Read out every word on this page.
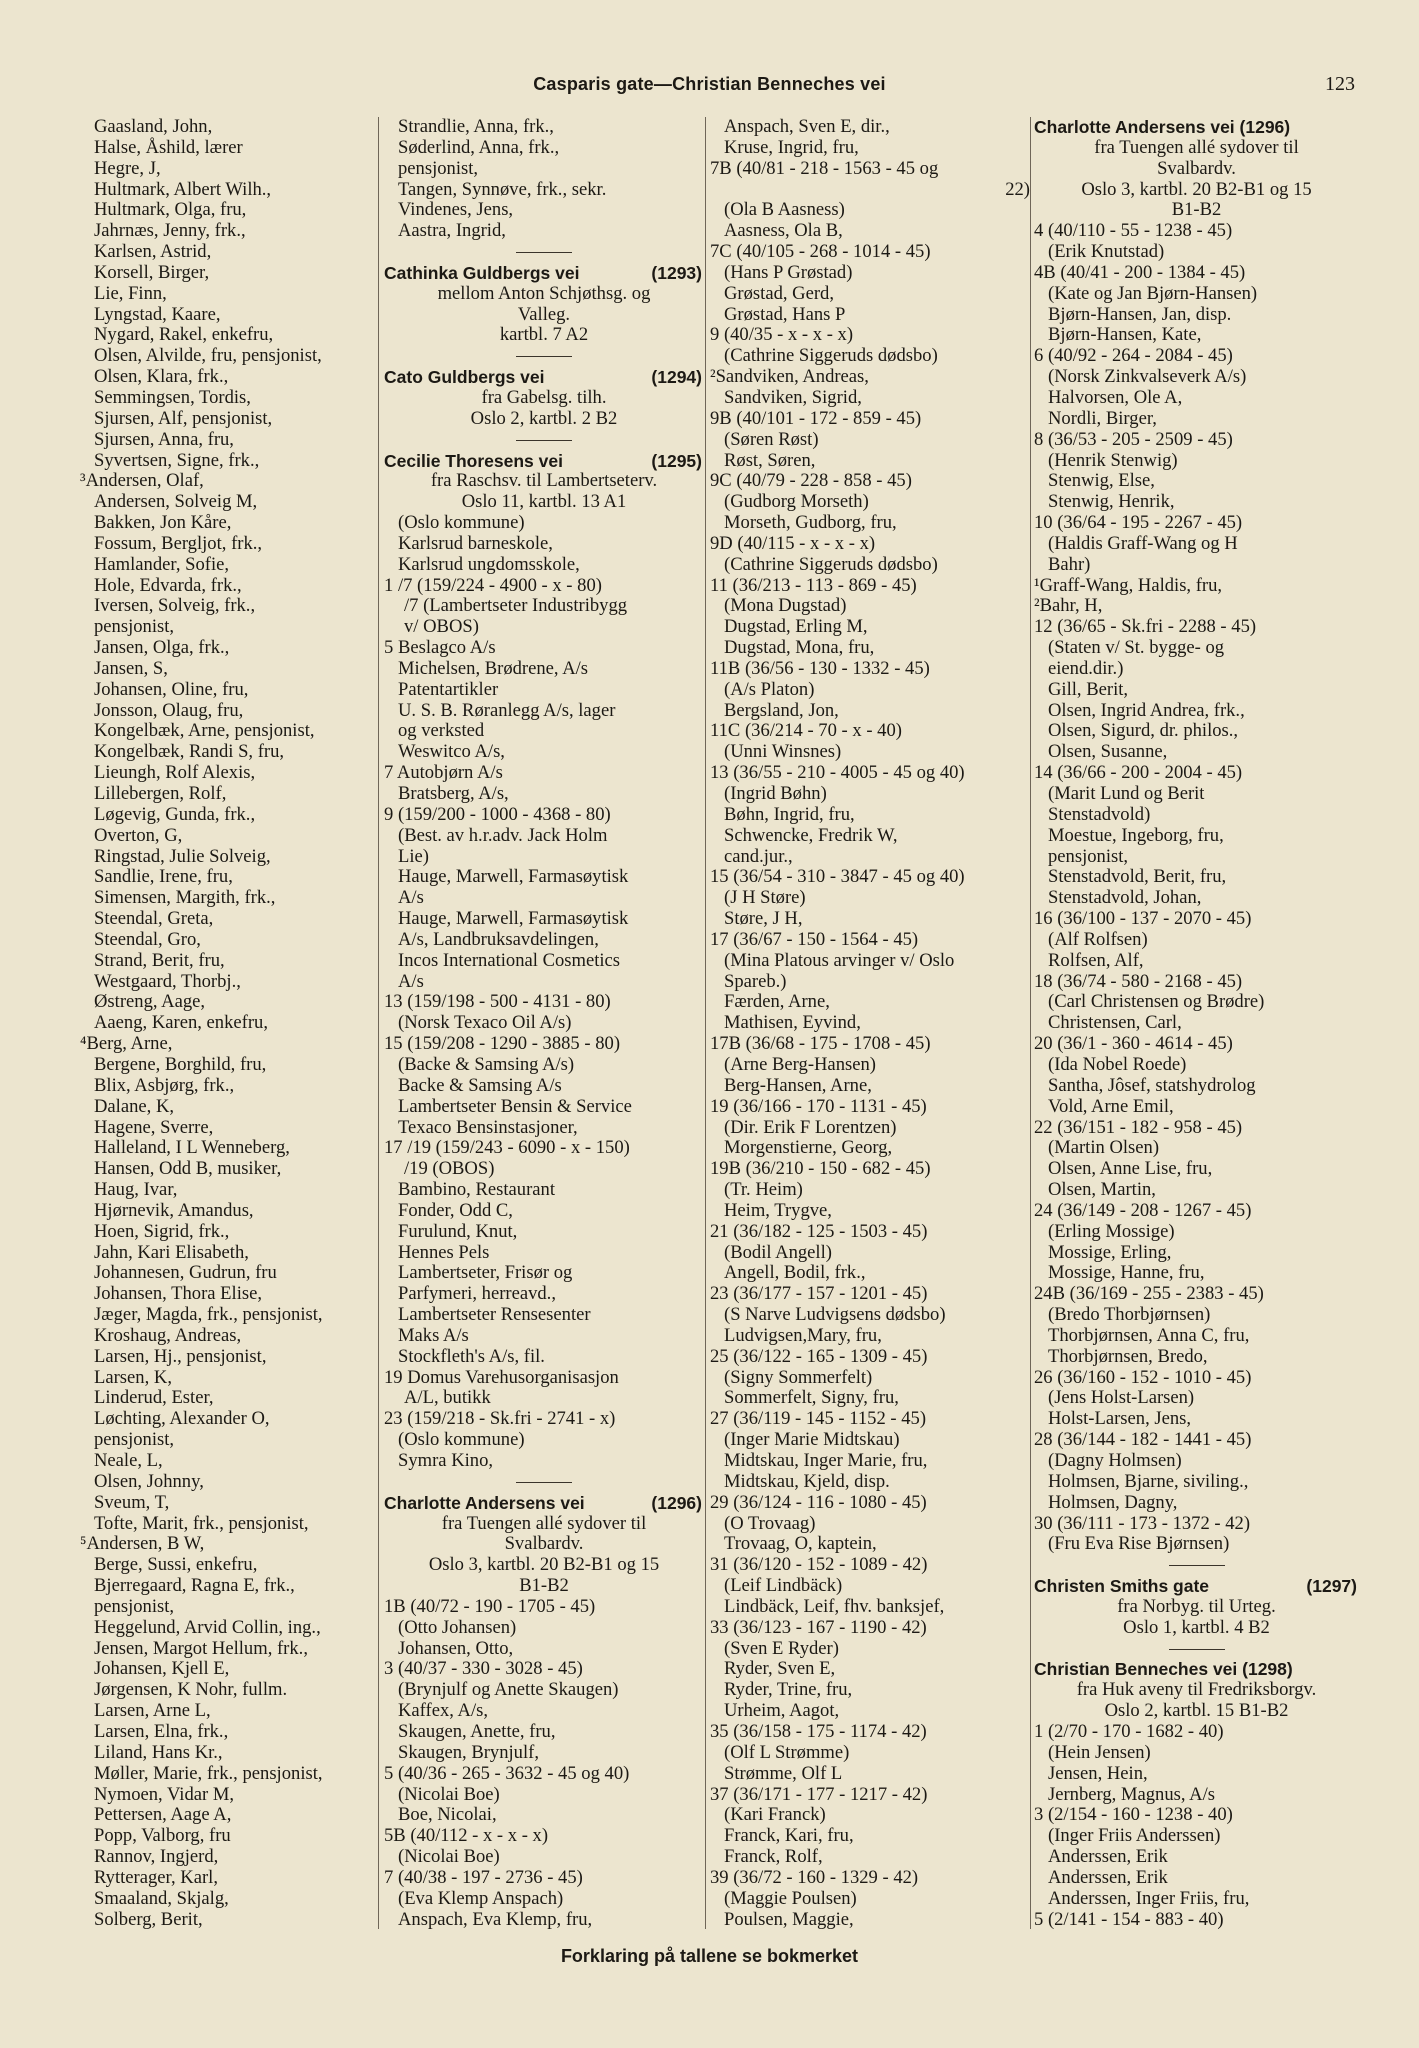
Casparis gate—Christian Benneches vei	123
Gaasland, John,
Halse, Åshild, lærer
Hegre, J,
Hultmark, Albert Wilh.,
Hultmark, Olga, fru,
Jahrnæs, Jenny, frk.,
Karlsen, Astrid,
Korsell, Birger,
Lie, Finn,
Lyngstad, Kaare,
Nygard, Rakel, enkefru,
Olsen, Alvilde, fru, pensjonist,
Olsen, Klara, frk.,
Semmingsen, Tordis,
Sjursen, Alf, pensjonist,
Sjursen, Anna, fru,
Syvertsen, Signe, frk.,
³Andersen, Olaf,
Andersen, Solveig M,
Bakken, Jon Kåre,
Fossum, Bergljot, frk.,
Hamlander, Sofie,
Hole, Edvarda, frk.,
Iversen, Solveig, frk.,
pensjonist,
Jansen, Olga, frk.,
Jansen, S,
Johansen, Oline, fru,
Jonsson, Olaug, fru,
Kongelbæk, Arne, pensjonist,
Kongelbæk, Randi S, fru,
Lieungh, Rolf Alexis,
Lillebergen, Rolf,
Løgevig, Gunda, frk.,
Overton, G,
Ringstad, Julie Solveig,
Sandlie, Irene, fru,
Simensen, Margith, frk.,
Steendal, Greta,
Steendal, Gro,
Strand, Berit, fru,
Westgaard, Thorbj.,
Østreng, Aage,
Aaeng, Karen, enkefru,
⁴Berg, Arne,
Bergene, Borghild, fru,
Blix, Asbjørg, frk.,
Dalane, K,
Hagene, Sverre,
Halleland, I L Wenneberg,
Hansen, Odd B, musiker,
Haug, Ivar,
Hjørnevik, Amandus,
Hoen, Sigrid, frk.,
Jahn, Kari Elisabeth,
Johannesen, Gudrun, fru
Johansen, Thora Elise,
Jæger, Magda, frk., pensjonist,
Kroshaug, Andreas,
Larsen, Hj., pensjonist,
Larsen, K,
Linderud, Ester,
Løchting, Alexander O,
pensjonist,
Neale, L,
Olsen, Johnny,
Sveum, T,
Tofte, Marit, frk., pensjonist,
⁵Andersen, B W,
Berge, Sussi, enkefru,
Bjerregaard, Ragna E, frk.,
pensjonist,
Heggelund, Arvid Collin, ing.,
Jensen, Margot Hellum, frk.,
Johansen, Kjell E,
Jørgensen, K Nohr, fullm.
Larsen, Arne L,
Larsen, Elna, frk.,
Liland, Hans Kr.,
Møller, Marie, frk., pensjonist,
Nymoen, Vidar M,
Pettersen, Aage A,
Popp, Valborg, fru
Rannov, Ingjerd,
Rytterager, Karl,
Smaaland, Skjalg,
Solberg, Berit,
Strandlie, Anna, frk.,
Søderlind, Anna, frk.,
pensjonist,
Tangen, Synnøve, frk., sekr.
Vindenes, Jens,
Aastra, Ingrid,
Cathinka Guldbergs vei	(1293)
mellom Anton Schjøthsg. og
Valleg.
kartbl. 7 A2
Cato Guldbergs vei	(1294)
fra Gabelsg. tilh.
Oslo 2, kartbl. 2 B2
Cecilie Thoresens vei	(1295)
fra Raschsv. til Lambertseterv.
Oslo 11, kartbl. 13 A1
(Oslo kommune)
Karlsrud barneskole,
Karlsrud ungdomsskole,
1 /7 (159/224 - 4900 - x - 80)
/7 (Lambertseter Industribygg
v/ OBOS)
5 Beslagco A/s
Michelsen, Brødrene, A/s
Patentartikler
U. S. B. Røranlegg A/s, lager
og verksted
Weswitco A/s,
7 Autobjørn A/s
Bratsberg, A/s,
9 (159/200 - 1000 - 4368 - 80)
(Best. av h.r.adv. Jack Holm
Lie)
Hauge, Marwell, Farmasøytisk
A/s
Hauge, Marwell, Farmasøytisk
A/s, Landbruksavdelingen,
Incos International Cosmetics
A/s
13 (159/198 - 500 - 4131 - 80)
(Norsk Texaco Oil A/s)
15 (159/208 - 1290 - 3885 - 80)
(Backe & Samsing A/s)
Backe & Samsing A/s
Lambertseter Bensin & Service
Texaco Bensinstasjoner,
17 /19 (159/243 - 6090 - x - 150)
/19 (OBOS)
Bambino, Restaurant
Fonder, Odd C,
Furulund, Knut,
Hennes Pels
Lambertseter, Frisør og
Parfymeri, herreavd.,
Lambertseter Rensesenter
Maks A/s
Stockfleth's A/s, fil.
19 Domus Varehusorganisasjon
A/L, butikk
23 (159/218 - Sk.fri - 2741 - x)
(Oslo kommune)
Symra Kino,
Charlotte Andersens vei	(1296)
fra Tuengen allé sydover til
Svalbardv.
Oslo 3, kartbl. 20 B2-B1 og 15
B1-B2
1B (40/72 - 190 - 1705 - 45)
(Otto Johansen)
Johansen, Otto,
3 (40/37 - 330 - 3028 - 45)
(Brynjulf og Anette Skaugen)
Kaffex, A/s,
Skaugen, Anette, fru,
Skaugen, Brynjulf,
5 (40/36 - 265 - 3632 - 45 og 40)
(Nicolai Boe)
Boe, Nicolai,
5B (40/112 - x - x - x)
(Nicolai Boe)
7 (40/38 - 197 - 2736 - 45)
(Eva Klemp Anspach)
Anspach, Eva Klemp, fru,
Anspach, Sven E, dir.,
Kruse, Ingrid, fru,
7B (40/81 - 218 - 1563 - 45 og
22)
(Ola B Aasness)
Aasness, Ola B,
7C (40/105 - 268 - 1014 - 45)
(Hans P Grøstad)
Grøstad, Gerd,
Grøstad, Hans P
9 (40/35 - x - x - x)
(Cathrine Siggeruds dødsbo)
²Sandviken, Andreas,
Sandviken, Sigrid,
9B (40/101 - 172 - 859 - 45)
(Søren Røst)
Røst, Søren,
9C (40/79 - 228 - 858 - 45)
(Gudborg Morseth)
Morseth, Gudborg, fru,
9D (40/115 - x - x - x)
(Cathrine Siggeruds dødsbo)
11 (36/213 - 113 - 869 - 45)
(Mona Dugstad)
Dugstad, Erling M,
Dugstad, Mona, fru,
11B (36/56 - 130 - 1332 - 45)
(A/s Platon)
Bergsland, Jon,
11C (36/214 - 70 - x - 40)
(Unni Winsnes)
13 (36/55 - 210 - 4005 - 45 og 40)
(Ingrid Bøhn)
Bøhn, Ingrid, fru,
Schwencke, Fredrik W,
cand.jur.,
15 (36/54 - 310 - 3847 - 45 og 40)
(J H Støre)
Støre, J H,
17 (36/67 - 150 - 1564 - 45)
(Mina Platous arvinger v/ Oslo
Spareb.)
Færden, Arne,
Mathisen, Eyvind,
17B (36/68 - 175 - 1708 - 45)
(Arne Berg-Hansen)
Berg-Hansen, Arne,
19 (36/166 - 170 - 1131 - 45)
(Dir. Erik F Lorentzen)
Morgenstierne, Georg,
19B (36/210 - 150 - 682 - 45)
(Tr. Heim)
Heim, Trygve,
21 (36/182 - 125 - 1503 - 45)
(Bodil Angell)
Angell, Bodil, frk.,
23 (36/177 - 157 - 1201 - 45)
(S Narve Ludvigsens dødsbo)
Ludvigsen,Mary, fru,
25 (36/122 - 165 - 1309 - 45)
(Signy Sommerfelt)
Sommerfelt, Signy, fru,
27 (36/119 - 145 - 1152 - 45)
(Inger Marie Midtskau)
Midtskau, Inger Marie, fru,
Midtskau, Kjeld, disp.
29 (36/124 - 116 - 1080 - 45)
(O Trovaag)
Trovaag, O, kaptein,
31 (36/120 - 152 - 1089 - 42)
(Leif Lindbäck)
Lindbäck, Leif, fhv. banksjef,
33 (36/123 - 167 - 1190 - 42)
(Sven E Ryder)
Ryder, Sven E,
Ryder, Trine, fru,
Urheim, Aagot,
35 (36/158 - 175 - 1174 - 42)
(Olf L Strømme)
Strømme, Olf L
37 (36/171 - 177 - 1217 - 42)
(Kari Franck)
Franck, Kari, fru,
Franck, Rolf,
39 (36/72 - 160 - 1329 - 42)
(Maggie Poulsen)
Poulsen, Maggie,
Charlotte Andersens vei (1296)
fra Tuengen allé sydover til
Svalbardv.
Oslo 3, kartbl. 20 B2-B1 og 15
B1-B2
4 (40/110 - 55 - 1238 - 45)
(Erik Knutstad)
4B (40/41 - 200 - 1384 - 45)
(Kate og Jan Bjørn-Hansen)
Bjørn-Hansen, Jan, disp.
Bjørn-Hansen, Kate,
6 (40/92 - 264 - 2084 - 45)
(Norsk Zinkvalseverk A/s)
Halvorsen, Ole A,
Nordli, Birger,
8 (36/53 - 205 - 2509 - 45)
(Henrik Stenwig)
Stenwig, Else,
Stenwig, Henrik,
10 (36/64 - 195 - 2267 - 45)
(Haldis Graff-Wang og H
Bahr)
¹Graff-Wang, Haldis, fru,
²Bahr, H,
12 (36/65 - Sk.fri - 2288 - 45)
(Staten v/ St. bygge- og
eiend.dir.)
Gill, Berit,
Olsen, Ingrid Andrea, frk.,
Olsen, Sigurd, dr. philos.,
Olsen, Susanne,
14 (36/66 - 200 - 2004 - 45)
(Marit Lund og Berit
Stenstadvold)
Moestue, Ingeborg, fru,
pensjonist,
Stenstadvold, Berit, fru,
Stenstadvold, Johan,
16 (36/100 - 137 - 2070 - 45)
(Alf Rolfsen)
Rolfsen, Alf,
18 (36/74 - 580 - 2168 - 45)
(Carl Christensen og Brødre)
Christensen, Carl,
20 (36/1 - 360 - 4614 - 45)
(Ida Nobel Roede)
Santha, Jôsef, statshydrolog
Vold, Arne Emil,
22 (36/151 - 182 - 958 - 45)
(Martin Olsen)
Olsen, Anne Lise, fru,
Olsen, Martin,
24 (36/149 - 208 - 1267 - 45)
(Erling Mossige)
Mossige, Erling,
Mossige, Hanne, fru,
24B (36/169 - 255 - 2383 - 45)
(Bredo Thorbjørnsen)
Thorbjørnsen, Anna C, fru,
Thorbjørnsen, Bredo,
26 (36/160 - 152 - 1010 - 45)
(Jens Holst-Larsen)
Holst-Larsen, Jens,
28 (36/144 - 182 - 1441 - 45)
(Dagny Holmsen)
Holmsen, Bjarne, siviling.,
Holmsen, Dagny,
30 (36/111 - 173 - 1372 - 42)
(Fru Eva Rise Bjørnsen)
Christen Smiths gate	(1297)
fra Norbyg. til Urteg.
Oslo 1, kartbl. 4 B2
Christian Benneches vei (1298)
fra Huk aveny til Fredriksborgv.
Oslo 2, kartbl. 15 B1-B2
1 (2/70 - 170 - 1682 - 40)
(Hein Jensen)
Jensen, Hein,
Jernberg, Magnus, A/s
3 (2/154 - 160 - 1238 - 40)
(Inger Friis Anderssen)
Anderssen, Erik
Anderssen, Erik
Anderssen, Inger Friis, fru,
5 (2/141 - 154 - 883 - 40)
Forklaring på tallene se bokmerket
